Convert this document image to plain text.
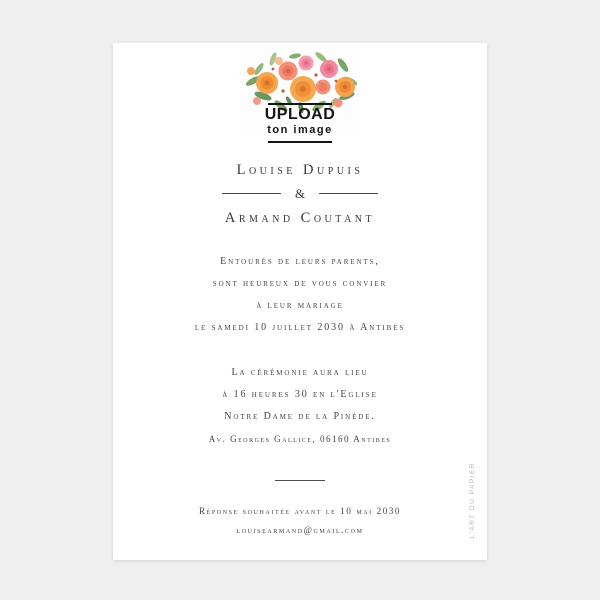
UPLOAD
ton image
Louise Dupuis
&
Armand Coutant
Entourés de leurs parents,
sont heureux de vous convier
à leur mariage
le samedi 10 juillet 2030 à Antibes
La cérémonie aura lieu
à 16 heures 30 en l'Eglise
Notre Dame de la Pinède.
Av. Georges Gallice, 06160 Antibes
Réponse souhaitée avant le 10 mai 2030
louisearmand@gmail.com	L'ART DU PAPIER
